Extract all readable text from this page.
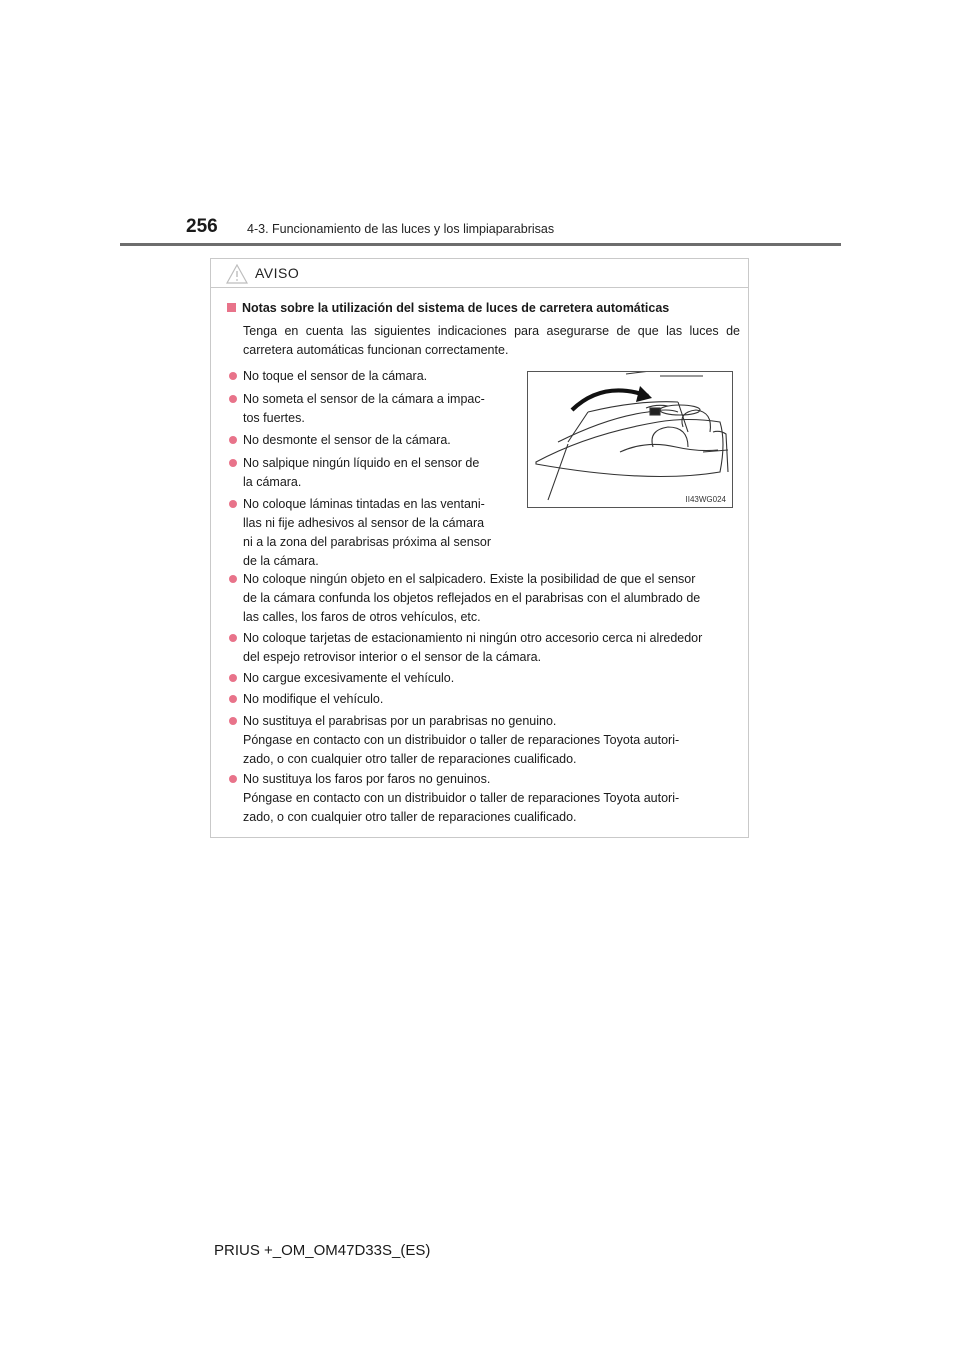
256 4-3. Funcionamiento de las luces y los limpiaparabrisas
AVISO
Notas sobre la utilización del sistema de luces de carretera automáticas
Tenga en cuenta las siguientes indicaciones para asegurarse de que las luces de carretera automáticas funcionan correctamente.
No toque el sensor de la cámara.
No someta el sensor de la cámara a impac-
tos fuertes.
No desmonte el sensor de la cámara.
No salpique ningún líquido en el sensor de
la cámara.
No coloque láminas tintadas en las ventani-
llas ni fije adhesivos al sensor de la cámara
ni a la zona del parabrisas próxima al sensor
de la cámara.
II43WG024
No coloque ningún objeto en el salpicadero. Existe la posibilidad de que el sensor
de la cámara confunda los objetos reflejados en el parabrisas con el alumbrado de
las calles, los faros de otros vehículos, etc.
No coloque tarjetas de estacionamiento ni ningún otro accesorio cerca ni alrededor
del espejo retrovisor interior o el sensor de la cámara.
No cargue excesivamente el vehículo.
No modifique el vehículo.
No sustituya el parabrisas por un parabrisas no genuino.
Póngase en contacto con un distribuidor o taller de reparaciones Toyota autori-
zado, o con cualquier otro taller de reparaciones cualificado.
No sustituya los faros por faros no genuinos.
Póngase en contacto con un distribuidor o taller de reparaciones Toyota autori-
zado, o con cualquier otro taller de reparaciones cualificado.
PRIUS +_OM_OM47D33S_(ES)
